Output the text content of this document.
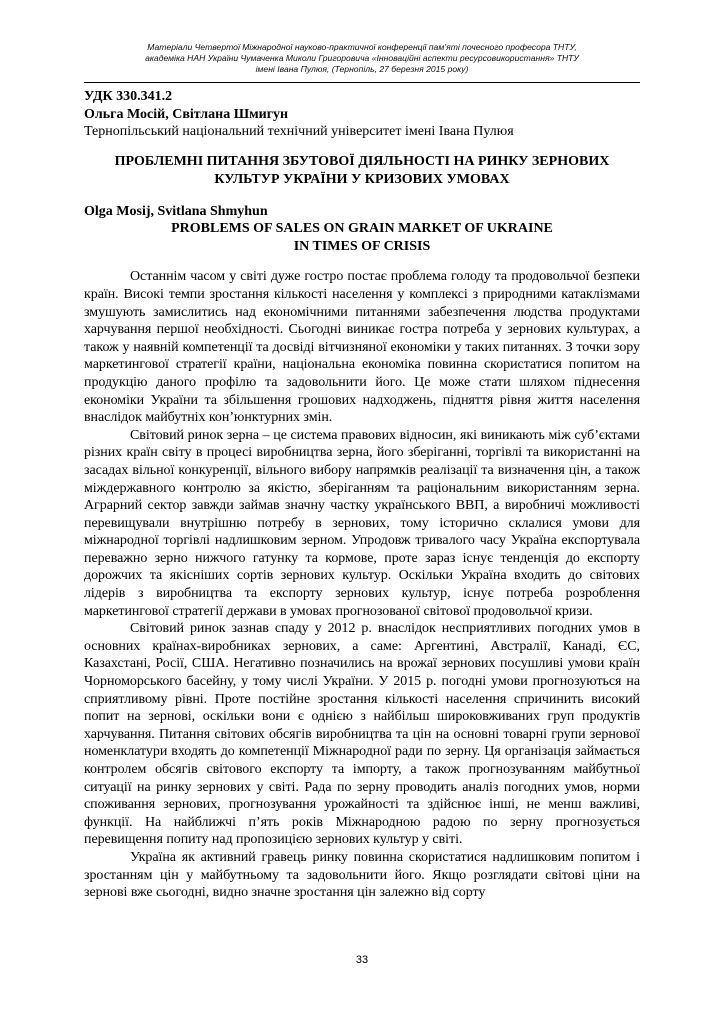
Матеріали Четвертої Міжнародної науково-практичної конференції пам’яті почесного професора ТНТУ,
академіка НАН України Чумаченка Миколи Григоровича «Інноваційні аспекти ресурсовикористання» ТНТУ
імені Івана Пулюя, (Тернопіль, 27 березня 2015 року)

УДК 330.341.2

Ольга Мосій, Світлана Шмигун

Тернопільський національний технічний університет імені Івана Пулюя

ПРОБЛЕМНІ ПИТАННЯ ЗБУТОВОЇ ДІЯЛЬНОСТІ НА РИНКУ ЗЕРНОВИХ
КУЛЬТУР УКРАЇНИ У КРИЗОВИХ УМОВАХ

Olga Mosij, Svitlana Shmyhun

PROBLEMS OF SALES ON GRAIN MARKET OF UKRAINE
IN TIMES OF CRISIS

Останнім часом у світі дуже гостро постає проблема голоду та продовольчої безпеки країн. Високі темпи зростання кількості населення у комплексі з природними катаклізмами змушують замислитись над економічними питаннями забезпечення людства продуктами харчування першої необхідності. Сьогодні виникає гостра потреба у зернових культурах, а також у наявній компетенції та досвіді вітчизняної економіки у таких питаннях. З точки зору маркетингової стратегії країни, національна економіка повинна скористатися попитом на продукцію даного профілю та задовольнити його. Це може стати шляхом піднесення економіки України та збільшення грошових надходжень, підняття рівня життя населення внаслідок майбутніх кон’юнктурних змін.

Світовий ринок зерна – це система правових відносин, які виникають між суб’єктами різних країн світу в процесі виробництва зерна, його зберіганні, торгівлі та використанні на засадах вільної конкуренції, вільного вибору напрямків реалізації та визначення цін, а також міждержавного контролю за якістю, зберіганням та раціональним використанням зерна. Аграрний сектор завжди займав значну частку українського ВВП, а виробничі можливості перевищували внутрішню потребу в зернових, тому історично склалися умови для міжнародної торгівлі надлишковим зерном. Упродовж тривалого часу Україна експортувала переважно зерно нижчого гатунку та кормове, проте зараз існує тенденція до експорту дорожчих та якісніших сортів зернових культур. Оскільки Україна входить до світових лідерів з виробництва та експорту зернових культур, існує потреба розроблення маркетингової стратегії держави в умовах прогнозованої світової продовольчої кризи.

Світовий ринок зазнав спаду у 2012 р. внаслідок несприятливих погодних умов в основних країнах-виробниках зернових, а саме: Аргентині, Австралії, Канаді, ЄС, Казахстані, Росії, США. Негативно позначились на врожаї зернових посушливі умови країн Чорноморського басейну, у тому числі України. У 2015 р. погодні умови прогнозуються на сприятливому рівні. Проте постійне зростання кількості населення спричинить високий попит на зернові, оскільки вони є однією з найбільш широковживаних груп продуктів харчування. Питання світових обсягів виробництва та цін на основні товарні групи зернової номенклатури входять до компетенції Міжнародної ради по зерну. Ця організація займається контролем обсягів світового експорту та імпорту, а також прогнозуванням майбутньої ситуації на ринку зернових у світі. Рада по зерну проводить аналіз погодних умов, норми споживання зернових, прогнозування урожайності та здійснює інші, не менш важливі, функції. На найближчі п’ять років Міжнародною радою по зерну прогнозується перевищення попиту над пропозицією зернових культур у світі.

Україна як активний гравець ринку повинна скористатися надлишковим попитом і зростанням цін у майбутньому та задовольнити його. Якщо розглядати світові ціни на зернові вже сьогодні, видно значне зростання цін залежно від сорту

33
